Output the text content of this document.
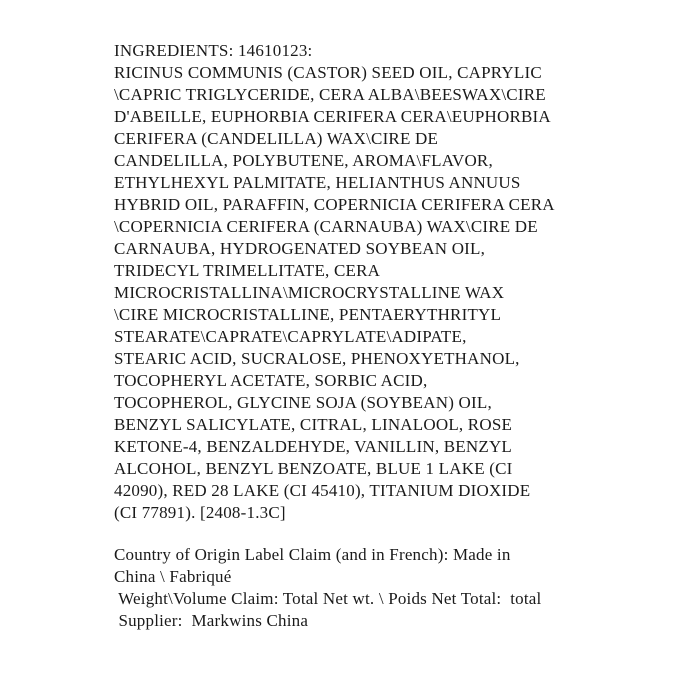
INGREDIENTS: 14610123:
RICINUS COMMUNIS (CASTOR) SEED OIL, CAPRYLIC
\CAPRIC TRIGLYCERIDE, CERA ALBA\BEESWAX\CIRE
D'ABEILLE, EUPHORBIA CERIFERA CERA\EUPHORBIA
CERIFERA (CANDELILLA) WAX\CIRE DE
CANDELILLA, POLYBUTENE, AROMA\FLAVOR,
ETHYLHEXYL PALMITATE, HELIANTHUS ANNUUS
HYBRID OIL, PARAFFIN, COPERNICIA CERIFERA CERA
\COPERNICIA CERIFERA (CARNAUBA) WAX\CIRE DE
CARNAUBA, HYDROGENATED SOYBEAN OIL,
TRIDECYL TRIMELLITATE, CERA
MICROCRISTALLINA\MICROCRYSTALLINE WAX
\CIRE MICROCRISTALLINE, PENTAERYTHRITYL
STEARATE\CAPRATE\CAPRYLATE\ADIPATE,
STEARIC ACID, SUCRALOSE, PHENOXYETHANOL,
TOCOPHERYL ACETATE, SORBIC ACID,
TOCOPHEROL, GLYCINE SOJA (SOYBEAN) OIL,
BENZYL SALICYLATE, CITRAL, LINALOOL, ROSE
KETONE-4, BENZALDEHYDE, VANILLIN, BENZYL
ALCOHOL, BENZYL BENZOATE, BLUE 1 LAKE (CI
42090), RED 28 LAKE (CI 45410), TITANIUM DIOXIDE
(CI 77891). [2408-1.3C]
Country of Origin Label Claim (and in French): Made in
China \ Fabriqué
Weight\Volume Claim: Total Net wt. \ Poids Net Total:  total
Supplier:  Markwins China
